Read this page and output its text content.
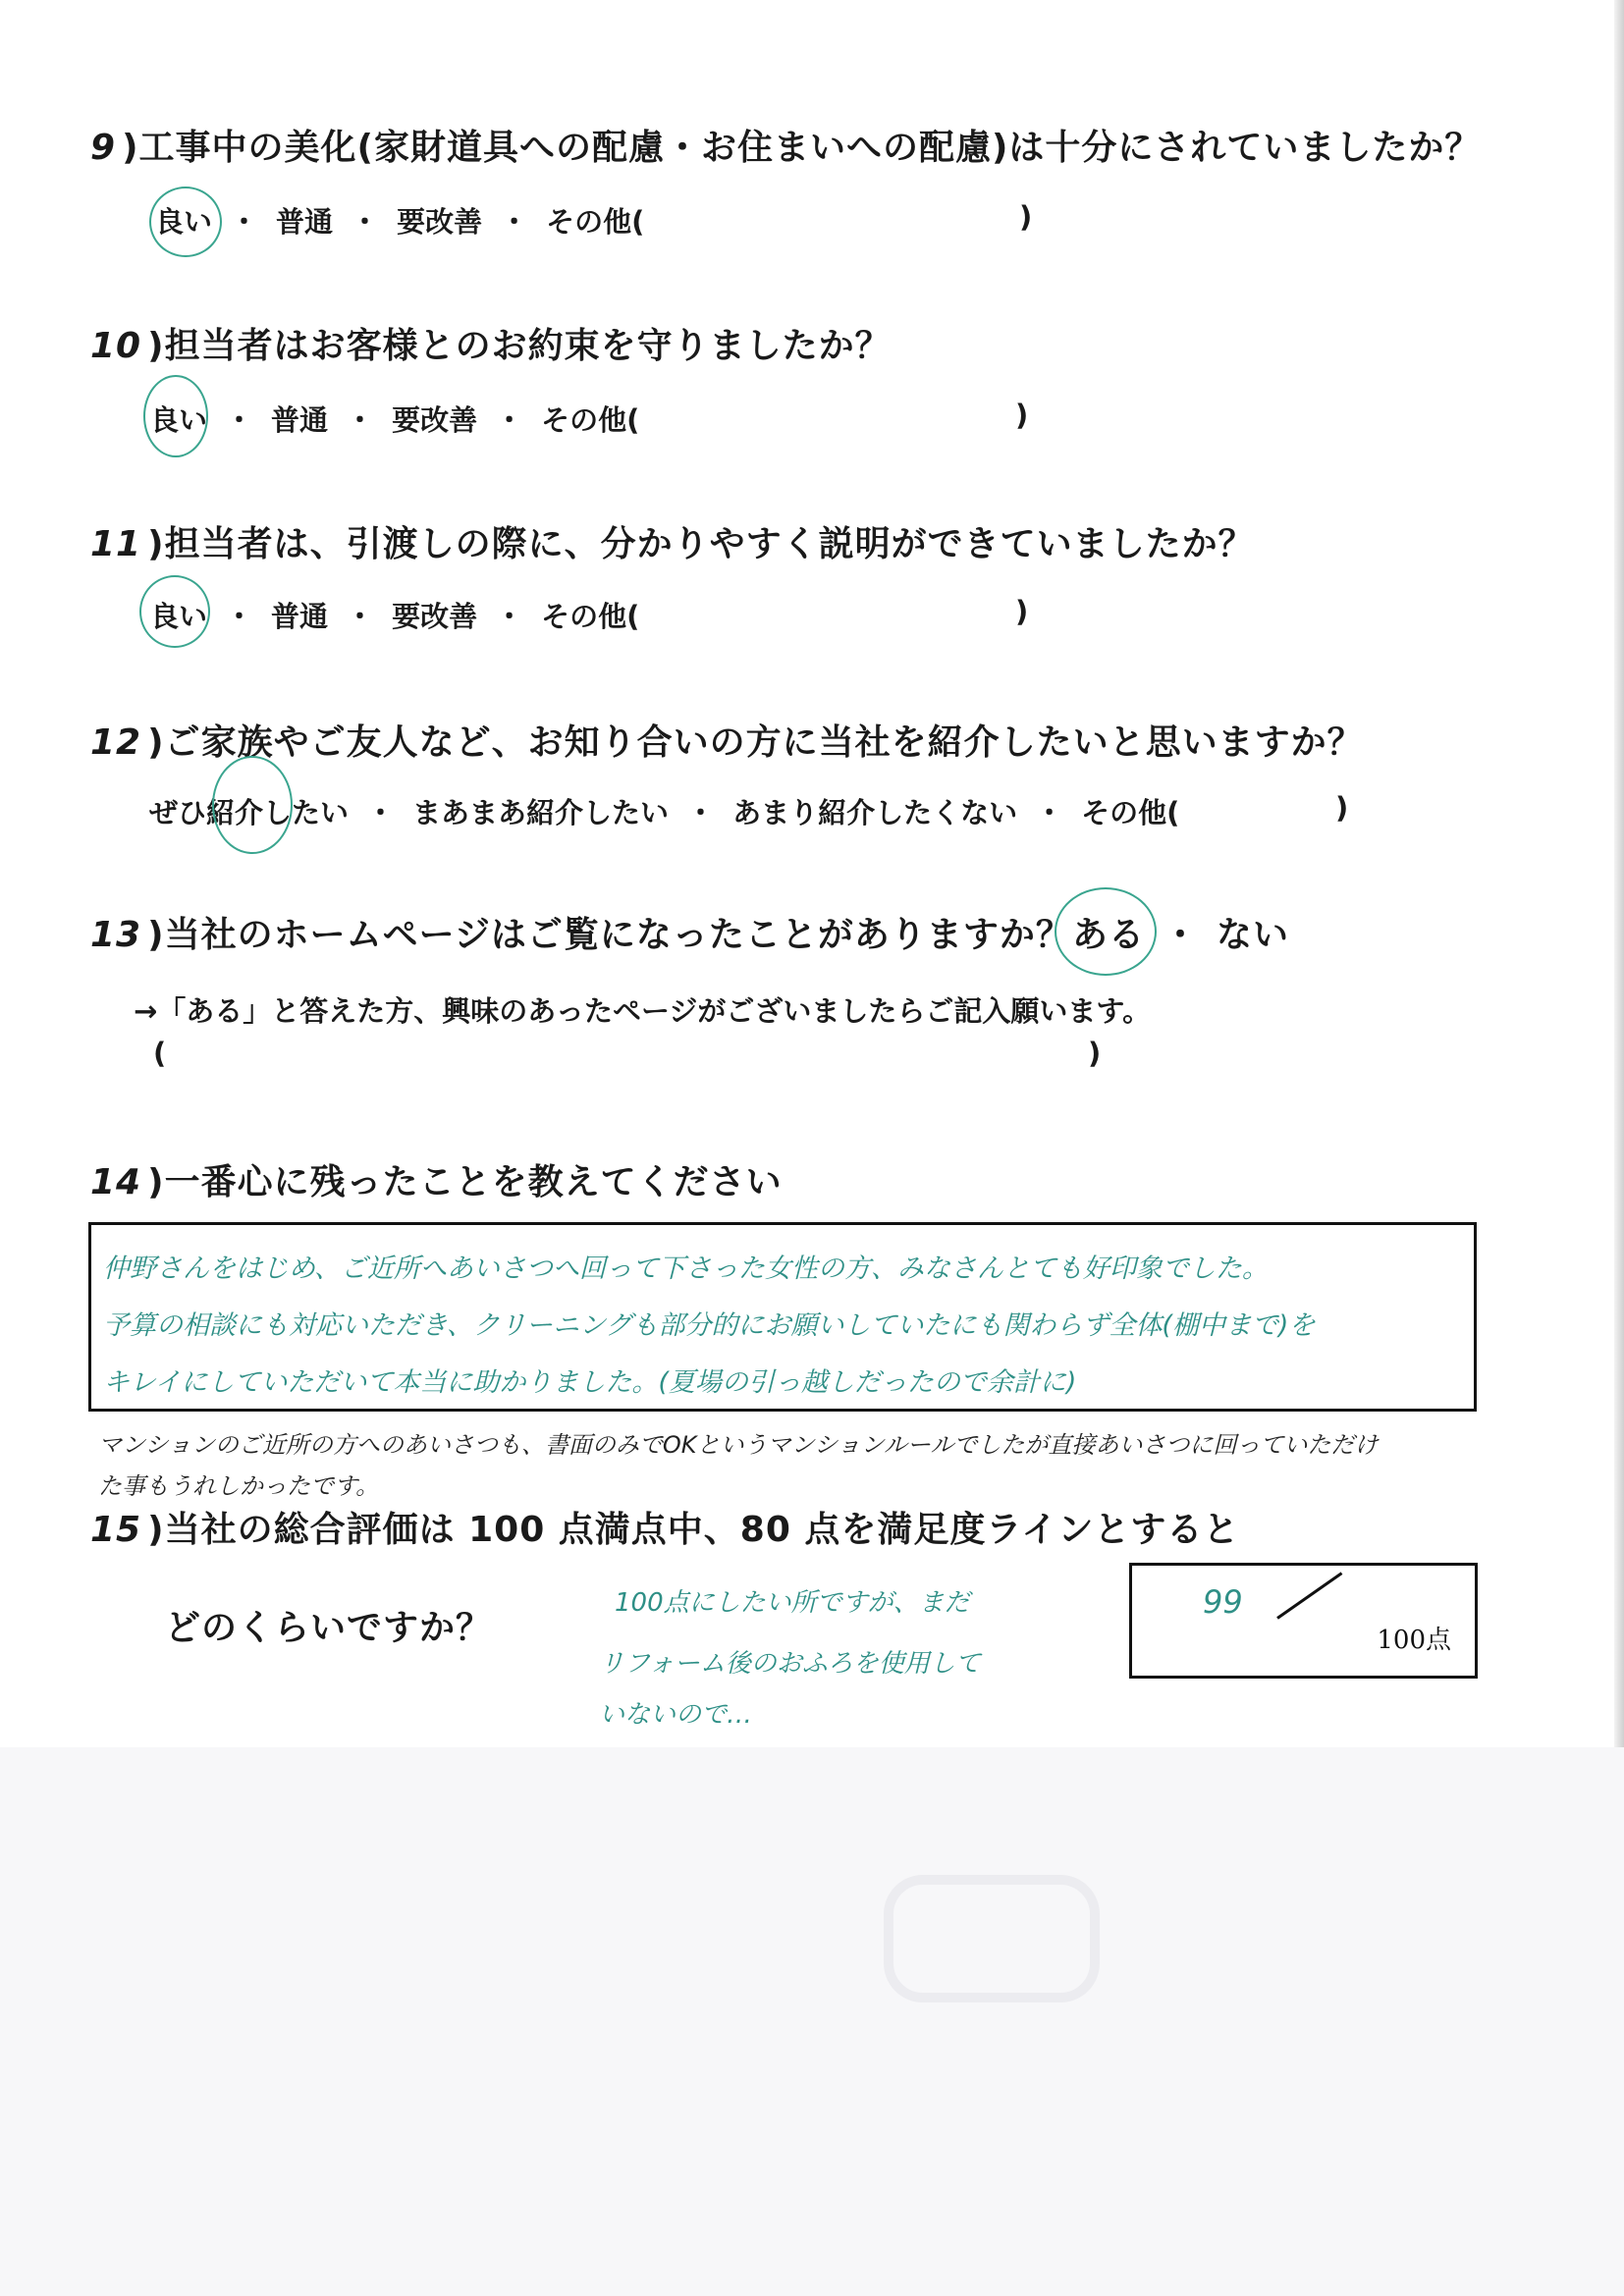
9 )工事中の美化(家財道具への配慮・お住まいへの配慮)は十分にされていましたか？
良い ・ 普通 ・ 要改善 ・ その他(	)
10 )担当者はお客様とのお約束を守りましたか？
良い ・ 普通 ・ 要改善 ・ その他(	)
11 )担当者は、引渡しの際に、分かりやすく説明ができていましたか？
良い ・ 普通 ・ 要改善 ・ その他(	)
12 )ご家族やご友人など、お知り合いの方に当社を紹介したいと思いますか？
ぜひ紹介したい ・ まあまあ紹介したい ・ あまり紹介したくない ・ その他(	)
13 )当社のホームページはご覧になったことがありますか？ ある ・ ない
→「ある」と答えた方、興味のあったページがございましたらご記入願います。
(	)
14 )一番心に残ったことを教えてください
仲野さんをはじめ、ご近所へあいさつへ回って下さった女性の方、みなさんとても好印象でした。
予算の相談にも対応いただき、クリーニングも部分的にお願いしていたにも関わらず全体(棚中まで)を
キレイにしていただいて本当に助かりました。(夏場の引っ越しだったので余計に)
マンションのご近所の方へのあいさつも、書面のみでOKというマンションルールでしたが直接あいさつに回っていただけ
た事もうれしかったです。
15 )当社の総合評価は 100 点満点中、80 点を満足度ラインとすると
どのくらいですか？
100点にしたい所ですが、まだ
リフォーム後のおふろを使用して
いないので…
99
100点
